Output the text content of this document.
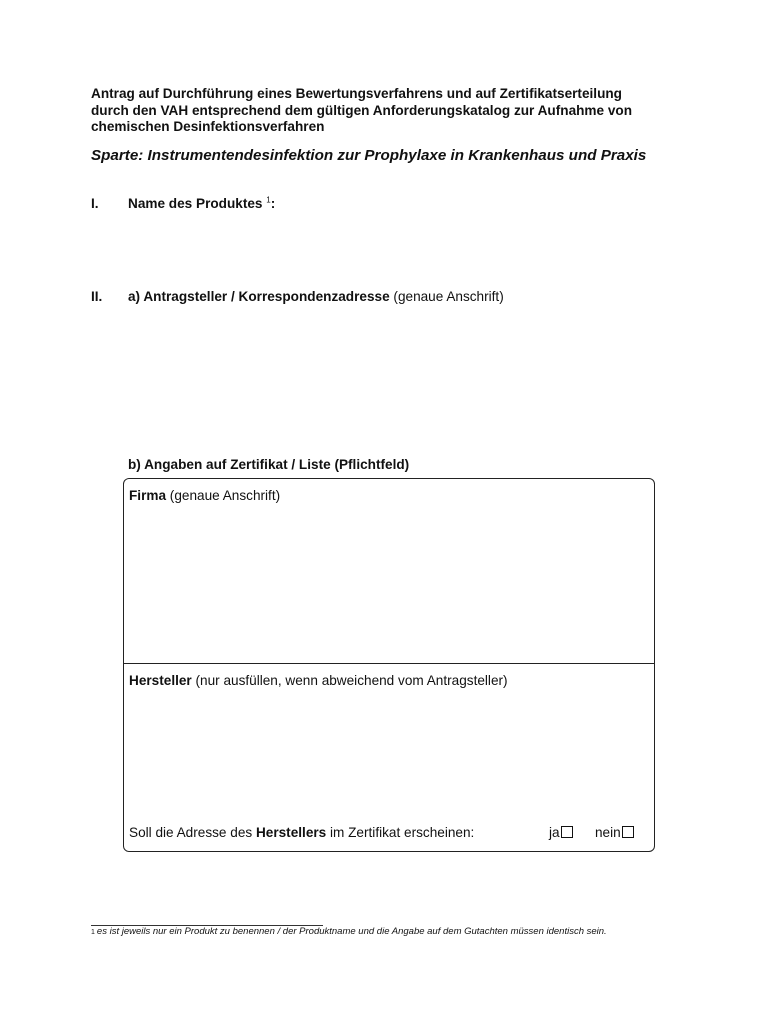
Antrag auf Durchführung eines Bewertungsverfahrens und auf Zertifikatserteilung
durch den VAH entsprechend dem gültigen Anforderungskatalog zur Aufnahme von
chemischen Desinfektionsverfahren
Sparte: Instrumentendesinfektion zur Prophylaxe in Krankenhaus und Praxis
I. Name des Produktes $^1$:
II. a) Antragsteller / Korrespondenzadresse (genaue Anschrift)
b) Angaben auf Zertifikat / Liste (Pflichtfeld)
Firma (genaue Anschrift)
Hersteller (nur ausfüllen, wenn abweichend vom Antragsteller)
Soll die Adresse des Herstellers im Zertifikat erscheinen:	ja	nein
1 es ist jeweils nur ein Produkt zu benennen / der Produktname und die Angabe auf dem Gutachten müssen identisch sein.
